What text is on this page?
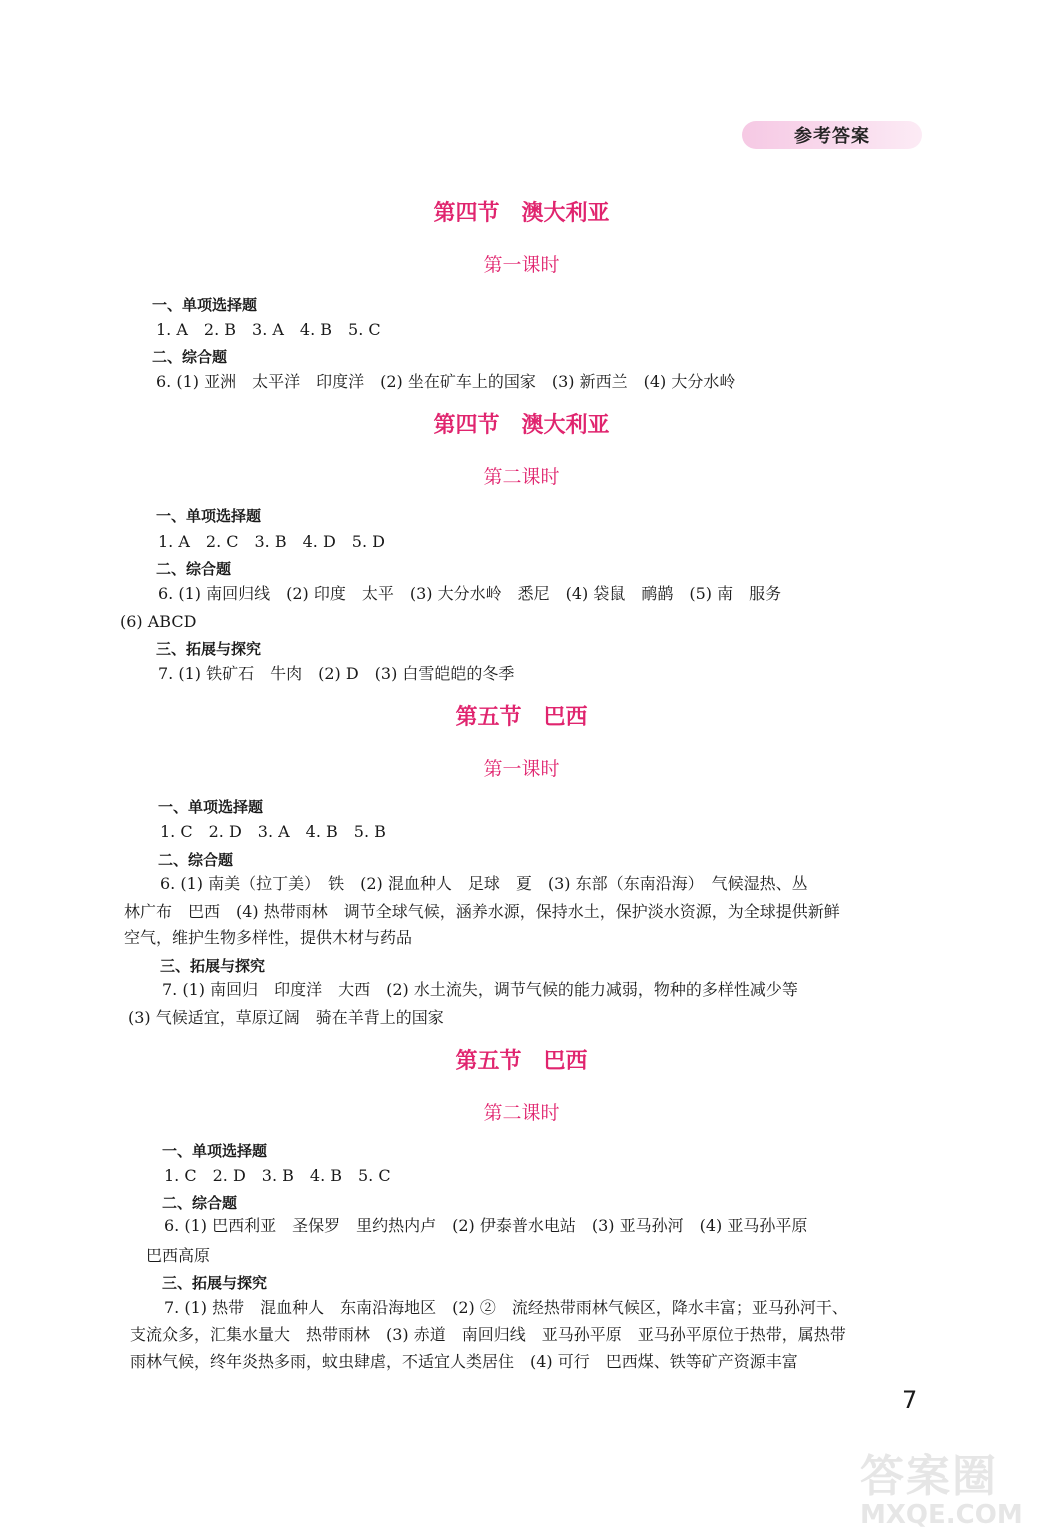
参考答案
第四节　澳大利亚
第一课时
一、单项选择题
1. A　2. B　3. A　4. B　5. C
二、综合题
6. (1) 亚洲　太平洋　印度洋　(2) 坐在矿车上的国家　(3) 新西兰　(4) 大分水岭
第四节　澳大利亚
第二课时
一、单项选择题
1. A　2. C　3. B　4. D　5. D
二、综合题
6. (1) 南回归线　(2) 印度　太平　(3) 大分水岭　悉尼　(4) 袋鼠　鸸鹋　(5) 南　服务
(6) ABCD
三、拓展与探究
7. (1) 铁矿石　牛肉　(2) D　(3) 白雪皑皑的冬季
第五节　巴西
第一课时
一、单项选择题
1. C　2. D　3. A　4. B　5. B
二、综合题
6. (1) 南美（拉丁美）　铁　(2) 混血种人　足球　夏　(3) 东部（东南沿海）　气候湿热、丛
林广布　巴西　(4) 热带雨林　调节全球气候，涵养水源，保持水土，保护淡水资源，为全球提供新鲜
空气，维护生物多样性，提供木材与药品
三、拓展与探究
7. (1) 南回归　印度洋　大西　(2) 水土流失，调节气候的能力减弱，物种的多样性减少等
(3) 气候适宜，草原辽阔　骑在羊背上的国家
第五节　巴西
第二课时
一、单项选择题
1. C　2. D　3. B　4. B　5. C
二、综合题
6. (1) 巴西利亚　圣保罗　里约热内卢　(2) 伊泰普水电站　(3) 亚马孙河　(4) 亚马孙平原
巴西高原
三、拓展与探究
7. (1) 热带　混血种人　东南沿海地区　(2) ②　流经热带雨林气候区，降水丰富；亚马孙河干、
支流众多，汇集水量大　热带雨林　(3) 赤道　南回归线　亚马孙平原　亚马孙平原位于热带，属热带
雨林气候，终年炎热多雨，蚊虫肆虐，不适宜人类居住　(4) 可行　巴西煤、铁等矿产资源丰富
7
答案圈
MXQE.COM
